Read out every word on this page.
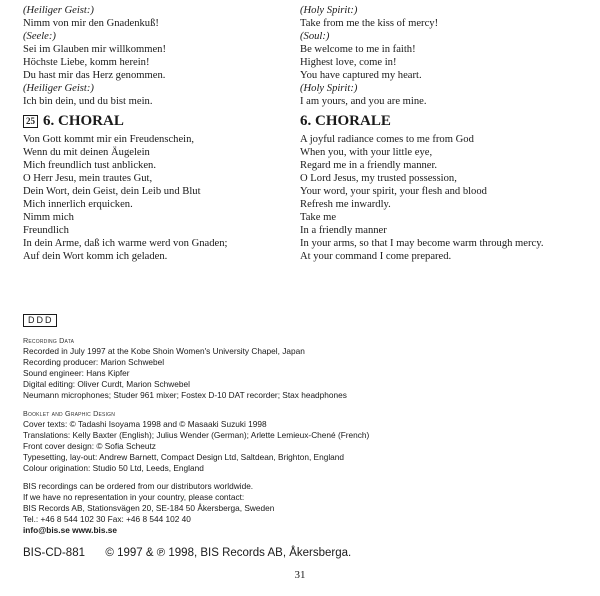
(Heiliger Geist:)
Nimm von mir den Gnadenkuß!
(Seele:)
Sei im Glauben mir willkommen!
Höchste Liebe, komm herein!
Du hast mir das Herz genommen.
(Heiliger Geist:)
Ich bin dein, und du bist mein.
25 6. CHORAL
Von Gott kommt mir ein Freudenschein,
Wenn du mit deinen Äugelein
Mich freundlich tust anblicken.
O Herr Jesu, mein trautes Gut,
Dein Wort, dein Geist, dein Leib und Blut
Mich innerlich erquicken.
Nimm mich
Freundlich
In dein Arme, daß ich warme werd von Gnaden;
Auf dein Wort komm ich geladen.
(Holy Spirit:)
Take from me the kiss of mercy!
(Soul:)
Be welcome to me in faith!
Highest love, come in!
You have captured my heart.
(Holy Spirit:)
I am yours, and you are mine.
6. CHORALE
A joyful radiance comes to me from God
When you, with your little eye,
Regard me in a friendly manner.
O Lord Jesus, my trusted possession,
Your word, your spirit, your flesh and blood
Refresh me inwardly.
Take me
In a friendly manner
In your arms, so that I may become warm through mercy.
At your command I come prepared.
DDD
Recording Data
Recorded in July 1997 at the Kobe Shoin Women's University Chapel, Japan
Recording producer: Marion Schwebel
Sound engineer: Hans Kipfer
Digital editing: Oliver Curdt, Marion Schwebel
Neumann microphones; Studer 961 mixer; Fostex D-10 DAT recorder; Stax headphones
Booklet and Graphic Design
Cover texts: © Tadashi Isoyama 1998 and © Masaaki Suzuki 1998
Translations: Kelly Baxter (English); Julius Wender (German); Arlette Lemieux-Chené (French)
Front cover design: © Sofia Scheutz
Typesetting, lay-out: Andrew Barnett, Compact Design Ltd, Saltdean, Brighton, England
Colour origination: Studio 50 Ltd, Leeds, England
BIS recordings can be ordered from our distributors worldwide.
If we have no representation in your country, please contact:
BIS Records AB, Stationsvägen 20, SE-184 50 Åkersberga, Sweden
Tel.: +46 8 544 102 30 Fax: +46 8 544 102 40
info@bis.se www.bis.se
BIS-CD-881 © 1997 & ℗ 1998, BIS Records AB, Åkersberga.
31
